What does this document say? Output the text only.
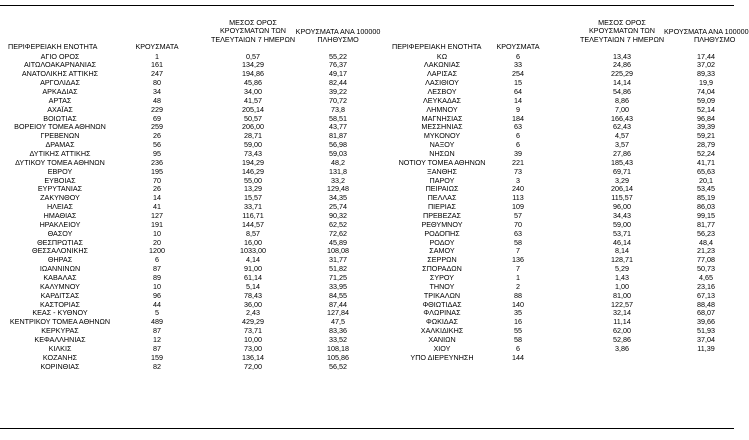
ΠΕΡΙΦΕΡΕΙΑΚΗ ΕΝΟΤΗΤΑ	ΚΡΟΥΣΜΑΤΑ
ΜΕΣΟΣ ΟΡΟΣ
ΚΡΟΥΣΜΑΤΩΝ ΤΩΝ
ΤΕΛΕΥΤΑΙΩΝ 7 ΗΜΕΡΩΝ
ΚΡΟΥΣΜΑΤΑ ΑΝΑ 100000
ΠΛΗΘΥΣΜΟ
ΠΕΡΙΦΕΡΕΙΑΚΗ ΕΝΟΤΗΤΑ	ΚΡΟΥΣΜΑΤΑ
ΜΕΣΟΣ ΟΡΟΣ
ΚΡΟΥΣΜΑΤΩΝ ΤΩΝ
ΤΕΛΕΥΤΑΙΩΝ 7 ΗΜΕΡΩΝ
ΚΡΟΥΣΜΑΤΑ ΑΝΑ 100000
ΠΛΗΘΥΣΜΟ
ΑΓΙΟ ΟΡΟΣ
ΑΙΤΩΛΟΑΚΑΡΝΑΝΙΑΣ
ΑΝΑΤΟΛΙΚΗΣ ΑΤΤΙΚΗΣ
ΑΡΓΟΛΙΔΑΣ
ΑΡΚΑΔΙΑΣ
ΑΡΤΑΣ
ΑΧΑΪΑΣ
ΒΟΙΩΤΙΑΣ
ΒΟΡΕΙΟΥ ΤΟΜΕΑ ΑΘΗΝΩΝ
ΓΡΕΒΕΝΩΝ
ΔΡΑΜΑΣ
ΔΥΤΙΚΗΣ ΑΤΤΙΚΗΣ
ΔΥΤΙΚΟΥ ΤΟΜΕΑ ΑΘΗΝΩΝ
ΕΒΡΟΥ
ΕΥΒΟΙΑΣ
ΕΥΡΥΤΑΝΙΑΣ
ΖΑΚΥΝΘΟΥ
ΗΛΕΙΑΣ
ΗΜΑΘΙΑΣ
ΗΡΑΚΛΕΙΟΥ
ΘΑΣΟΥ
ΘΕΣΠΡΩΤΙΑΣ
ΘΕΣΣΑΛΟΝΙΚΗΣ
ΘΗΡΑΣ
ΙΩΑΝΝΙΝΩΝ
ΚΑΒΑΛΑΣ
ΚΑΛΥΜΝΟΥ
ΚΑΡΔΙΤΣΑΣ
ΚΑΣΤΟΡΙΑΣ
ΚΕΑΣ - ΚΥΘΝΟΥ
ΚΕΝΤΡΙΚΟΥ ΤΟΜΕΑ ΑΘΗΝΩΝ
ΚΕΡΚΥΡΑΣ
ΚΕΦΑΛΛΗΝΙΑΣ
ΚΙΛΚΙΣ
ΚΟΖΑΝΗΣ
ΚΟΡΙΝΘΙΑΣ
1
161
247
80
34
48
229
69
259
26
56
95
236
195
70
26
14
41
127
191
10
20
1200
6
87
89
10
96
44
5
489
87
12
87
159
82
0,57
134,29
194,86
45,86
34,00
41,57
205,14
50,57
206,00
28,71
59,00
73,43
194,29
146,29
55,00
13,29
15,57
33,71
116,71
144,57
8,57
16,00
1033,00
4,14
91,00
61,14
5,14
78,43
36,00
2,43
429,29
73,71
10,00
73,00
136,14
72,00
55,22
76,37
49,17
82,44
39,22
70,72
73,8
58,51
43,77
81,87
56,98
59,03
48,2
131,8
33,2
129,48
34,35
25,74
90,32
62,52
72,62
45,89
108,08
31,77
51,82
71,25
33,95
84,55
87,44
127,84
47,5
83,36
33,52
108,18
105,86
56,52
ΚΩ
ΛΑΚΩΝΙΑΣ
ΛΑΡΙΣΑΣ
ΛΑΣΙΘΙΟΥ
ΛΕΣΒΟΥ
ΛΕΥΚΑΔΑΣ
ΛΗΜΝΟΥ
ΜΑΓΝΗΣΙΑΣ
ΜΕΣΣΗΝΙΑΣ
ΜΥΚΟΝΟΥ
ΝΑΞΟΥ
ΝΗΣΩΝ
ΝΟΤΙΟΥ ΤΟΜΕΑ ΑΘΗΝΩΝ
ΞΑΝΘΗΣ
ΠΑΡΟΥ
ΠΕΙΡΑΙΩΣ
ΠΕΛΛΑΣ
ΠΙΕΡΙΑΣ
ΠΡΕΒΕΖΑΣ
ΡΕΘΥΜΝΟΥ
ΡΟΔΟΠΗΣ
ΡΟΔΟΥ
ΣΑΜΟΥ
ΣΕΡΡΩΝ
ΣΠΟΡΑΔΩΝ
ΣΥΡΟΥ
ΤΗΝΟΥ
ΤΡΙΚΑΛΩΝ
ΦΘΙΩΤΙΔΑΣ
ΦΛΩΡΙΝΑΣ
ΦΩΚΙΔΑΣ
ΧΑΛΚΙΔΙΚΗΣ
ΧΑΝΙΩΝ
ΧΙΟΥ
ΥΠΟ ΔΙΕΡΕΥΝΗΣΗ
6
33
254
15
64
14
9
184
63
6
6
39
221
73
3
240
113
109
57
70
63
58
7
136
7
1
2
88
140
35
16
55
58
6
144
13,43
24,86
225,29
14,14
54,86
8,86
7,00
166,43
62,43
4,57
3,57
27,86
185,43
69,71
3,29
206,14
115,57
96,00
34,43
59,00
53,71
46,14
8,14
128,71
5,29
1,43
1,00
81,00
122,57
32,14
11,14
62,00
52,86
3,86
17,44
37,02
89,33
19,9
74,04
59,09
52,14
96,84
39,39
59,21
28,79
52,24
41,71
65,63
20,1
53,45
85,19
86,03
99,15
81,77
56,23
48,4
21,23
77,08
50,73
4,65
23,16
67,13
88,48
68,07
39,66
51,93
37,04
11,39
